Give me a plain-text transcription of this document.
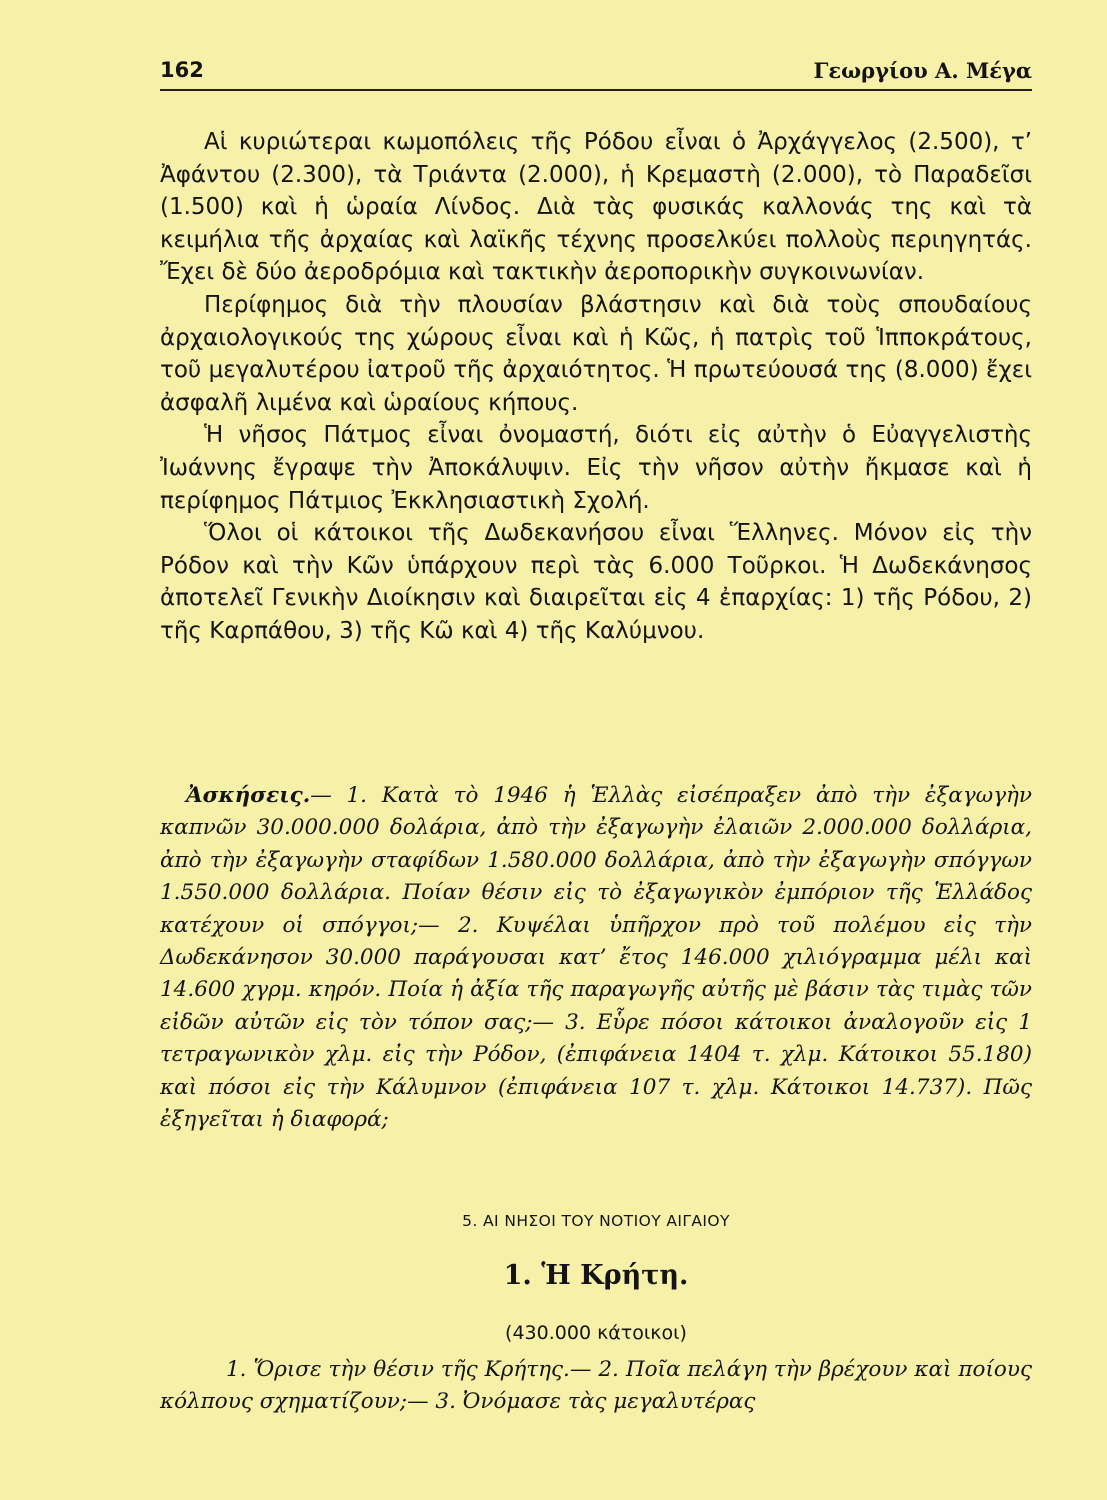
162	Γεωργίου Α. Μέγα

Αἱ κυριώτεραι κωμοπόλεις τῆς Ρόδου εἶναι ὁ Ἀρχάγγελος (2.500), τ’ Ἀφάντου (2.300), τὰ Τριάντα (2.000), ἡ Κρεμαστὴ (2.000), τὸ Παραδεῖσι (1.500) καὶ ἡ ὡραία Λίνδος. Διὰ τὰς φυσικάς καλλονάς της καὶ τὰ κειμήλια τῆς ἀρχαίας καὶ λαϊκῆς τέχνης προσελκύει πολλοὺς περιηγητάς. Ἔχει δὲ δύο ἀεροδρόμια καὶ τακτικὴν ἀεροπορικὴν συγκοινωνίαν.

Περίφημος διὰ τὴν πλουσίαν βλάστησιν καὶ διὰ τοὺς σπουδαίους ἀρχαιολογικούς της χώρους εἶναι καὶ ἡ Κῶς, ἡ πατρὶς τοῦ Ἱπποκράτους, τοῦ μεγαλυτέρου ἰατροῦ τῆς ἀρχαιότητος. Ἡ πρωτεύουσά της (8.000) ἔχει ἀσφαλῆ λιμένα καὶ ὡραίους κήπους.

Ἡ νῆσος Πάτμος εἶναι ὀνομαστή, διότι εἰς αὐτὴν ὁ Εὐαγγελιστὴς Ἰωάννης ἔγραψε τὴν Ἀποκάλυψιν. Εἰς τὴν νῆσον αὐτὴν ἤκμασε καὶ ἡ περίφημος Πάτμιος Ἐκκλησιαστικὴ Σχολή.

Ὅλοι οἱ κάτοικοι τῆς Δωδεκανήσου εἶναι Ἕλληνες. Μόνον εἰς τὴν Ρόδον καὶ τὴν Κῶν ὑπάρχουν περὶ τὰς 6.000 Τοῦρκοι. Ἡ Δωδεκάνησος ἀποτελεῖ Γενικὴν Διοίκησιν καὶ διαιρεῖται εἰς 4 ἐπαρχίας: 1) τῆς Ρόδου, 2) τῆς Καρπάθου, 3) τῆς Κῶ καὶ 4) τῆς Καλύμνου.

Ἀσκήσεις.— 1. Κατὰ τὸ 1946 ἡ Ἑλλὰς εἰσέπραξεν ἀπὸ τὴν ἐξαγωγὴν καπνῶν 30.000.000 δολάρια, ἀπὸ τὴν ἐξαγωγὴν ἐλαιῶν 2.000.000 δολλάρια, ἀπὸ τὴν ἐξαγωγὴν σταφίδων 1.580.000 δολλάρια, ἀπὸ τὴν ἐξαγωγὴν σπόγγων 1.550.000 δολλάρια. Ποίαν θέσιν εἰς τὸ ἐξαγωγικὸν ἐμπόριον τῆς Ἑλλάδος κατέχουν οἱ σπόγγοι;— 2. Κυψέλαι ὑπῆρχον πρὸ τοῦ πολέμου εἰς τὴν Δωδεκάνησον 30.000 παράγουσαι κατ’ ἔτος 146.000 χιλιόγραμμα μέλι καὶ 14.600 χγρμ. κηρόν. Ποία ἡ ἀξία τῆς παραγωγῆς αὐτῆς μὲ βάσιν τὰς τιμὰς τῶν εἰδῶν αὐτῶν εἰς τὸν τόπον σας;— 3. Εὗρε πόσοι κάτοικοι ἀναλογοῦν εἰς 1 τετραγωνικὸν χλμ. εἰς τὴν Ρόδον, (ἐπιφάνεια 1404 τ. χλμ. Κάτοικοι 55.180) καὶ πόσοι εἰς τὴν Κάλυμνον (ἐπιφάνεια 107 τ. χλμ. Κάτοικοι 14.737). Πῶς ἐξηγεῖται ἡ διαφορά;

5. ΑΙ ΝΗΣΟΙ ΤΟΥ ΝΟΤΙΟΥ ΑΙΓΑΙΟΥ
1. Ἡ Κρήτη.
(430.000 κάτοικοι)

1. Ὅρισε τὴν θέσιν τῆς Κρήτης.— 2. Ποῖα πελάγη τὴν βρέχουν καὶ ποίους κόλπους σχηματίζουν;— 3. Ὀνόμασε τὰς μεγαλυτέρας
